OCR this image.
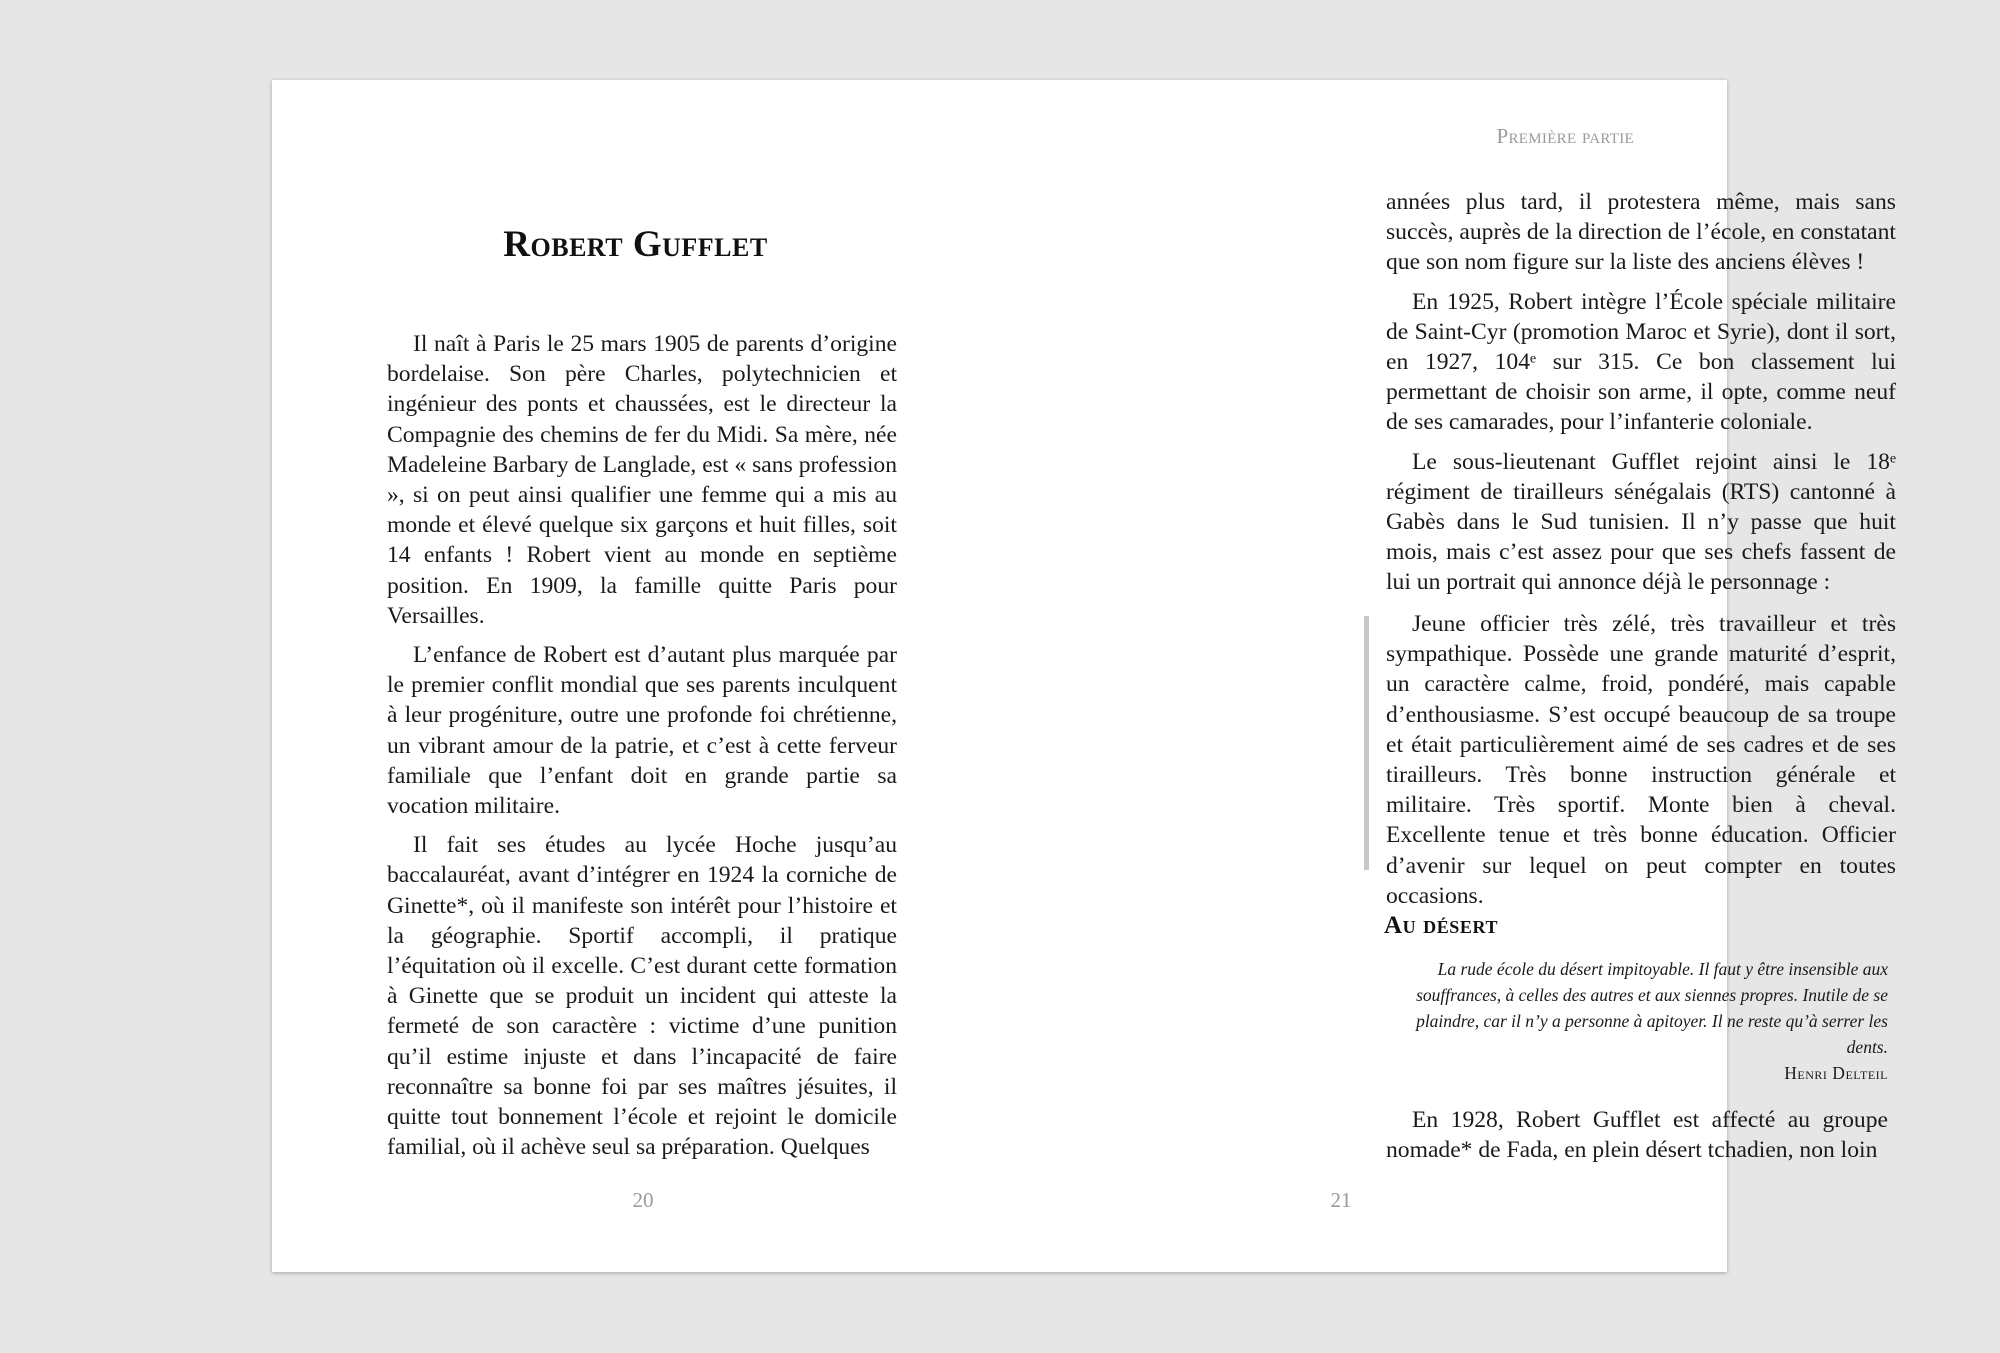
Robert Gufflet

Il naît à Paris le 25 mars 1905 de parents d’origine bordelaise. Son père Charles, polytechnicien et ingénieur des ponts et chaussées, est le directeur la Compagnie des chemins de fer du Midi. Sa mère, née Madeleine Barbary de Langlade, est « sans profession », si on peut ainsi qualifier une femme qui a mis au monde et élevé quelque six garçons et huit filles, soit 14 enfants ! Robert vient au monde en septième position. En 1909, la famille quitte Paris pour Versailles.

L’enfance de Robert est d’autant plus marquée par le premier conflit mondial que ses parents inculquent à leur progéniture, outre une profonde foi chrétienne, un vibrant amour de la patrie, et c’est à cette ferveur familiale que l’enfant doit en grande partie sa vocation militaire.

Il fait ses études au lycée Hoche jusqu’au baccalauréat, avant d’intégrer en 1924 la corniche de Ginette*, où il manifeste son intérêt pour l’histoire et la géographie. Sportif accompli, il pratique l’équitation où il excelle. C’est durant cette formation à Ginette que se produit un incident qui atteste la fermeté de son caractère : victime d’une punition qu’il estime injuste et dans l’incapacité de faire reconnaître sa bonne foi par ses maîtres jésuites, il quitte tout bonnement l’école et rejoint le domicile familial, où il achève seul sa préparation. Quelques

20
Première partie

années plus tard, il protestera même, mais sans succès, auprès de la direction de l’école, en constatant que son nom figure sur la liste des anciens élèves !

En 1925, Robert intègre l’École spéciale militaire de Saint-Cyr (promotion Maroc et Syrie), dont il sort, en 1927, 104ᵉ sur 315. Ce bon classement lui permettant de choisir son arme, il opte, comme neuf de ses camarades, pour l’infanterie coloniale.

Le sous-lieutenant Gufflet rejoint ainsi le 18ᵉ régiment de tirailleurs sénégalais (RTS) cantonné à Gabès dans le Sud tunisien. Il n’y passe que huit mois, mais c’est assez pour que ses chefs fassent de lui un portrait qui annonce déjà le personnage :

Jeune officier très zélé, très travailleur et très sympathique. Possède une grande maturité d’esprit, un caractère calme, froid, pondéré, mais capable d’enthousiasme. S’est occupé beaucoup de sa troupe et était particulièrement aimé de ses cadres et de ses tirailleurs. Très bonne instruction générale et militaire. Très sportif. Monte bien à cheval. Excellente tenue et très bonne éducation. Officier d’avenir sur lequel on peut compter en toutes occasions.

Au désert
La rude école du désert impitoyable. Il faut y être insensible aux souffrances, à celles des autres et aux siennes propres. Inutile de se plaindre, car il n’y a personne à apitoyer. Il ne reste qu’à serrer les dents.
Henri Delteil

En 1928, Robert Gufflet est affecté au groupe nomade* de Fada, en plein désert tchadien, non loin

21
